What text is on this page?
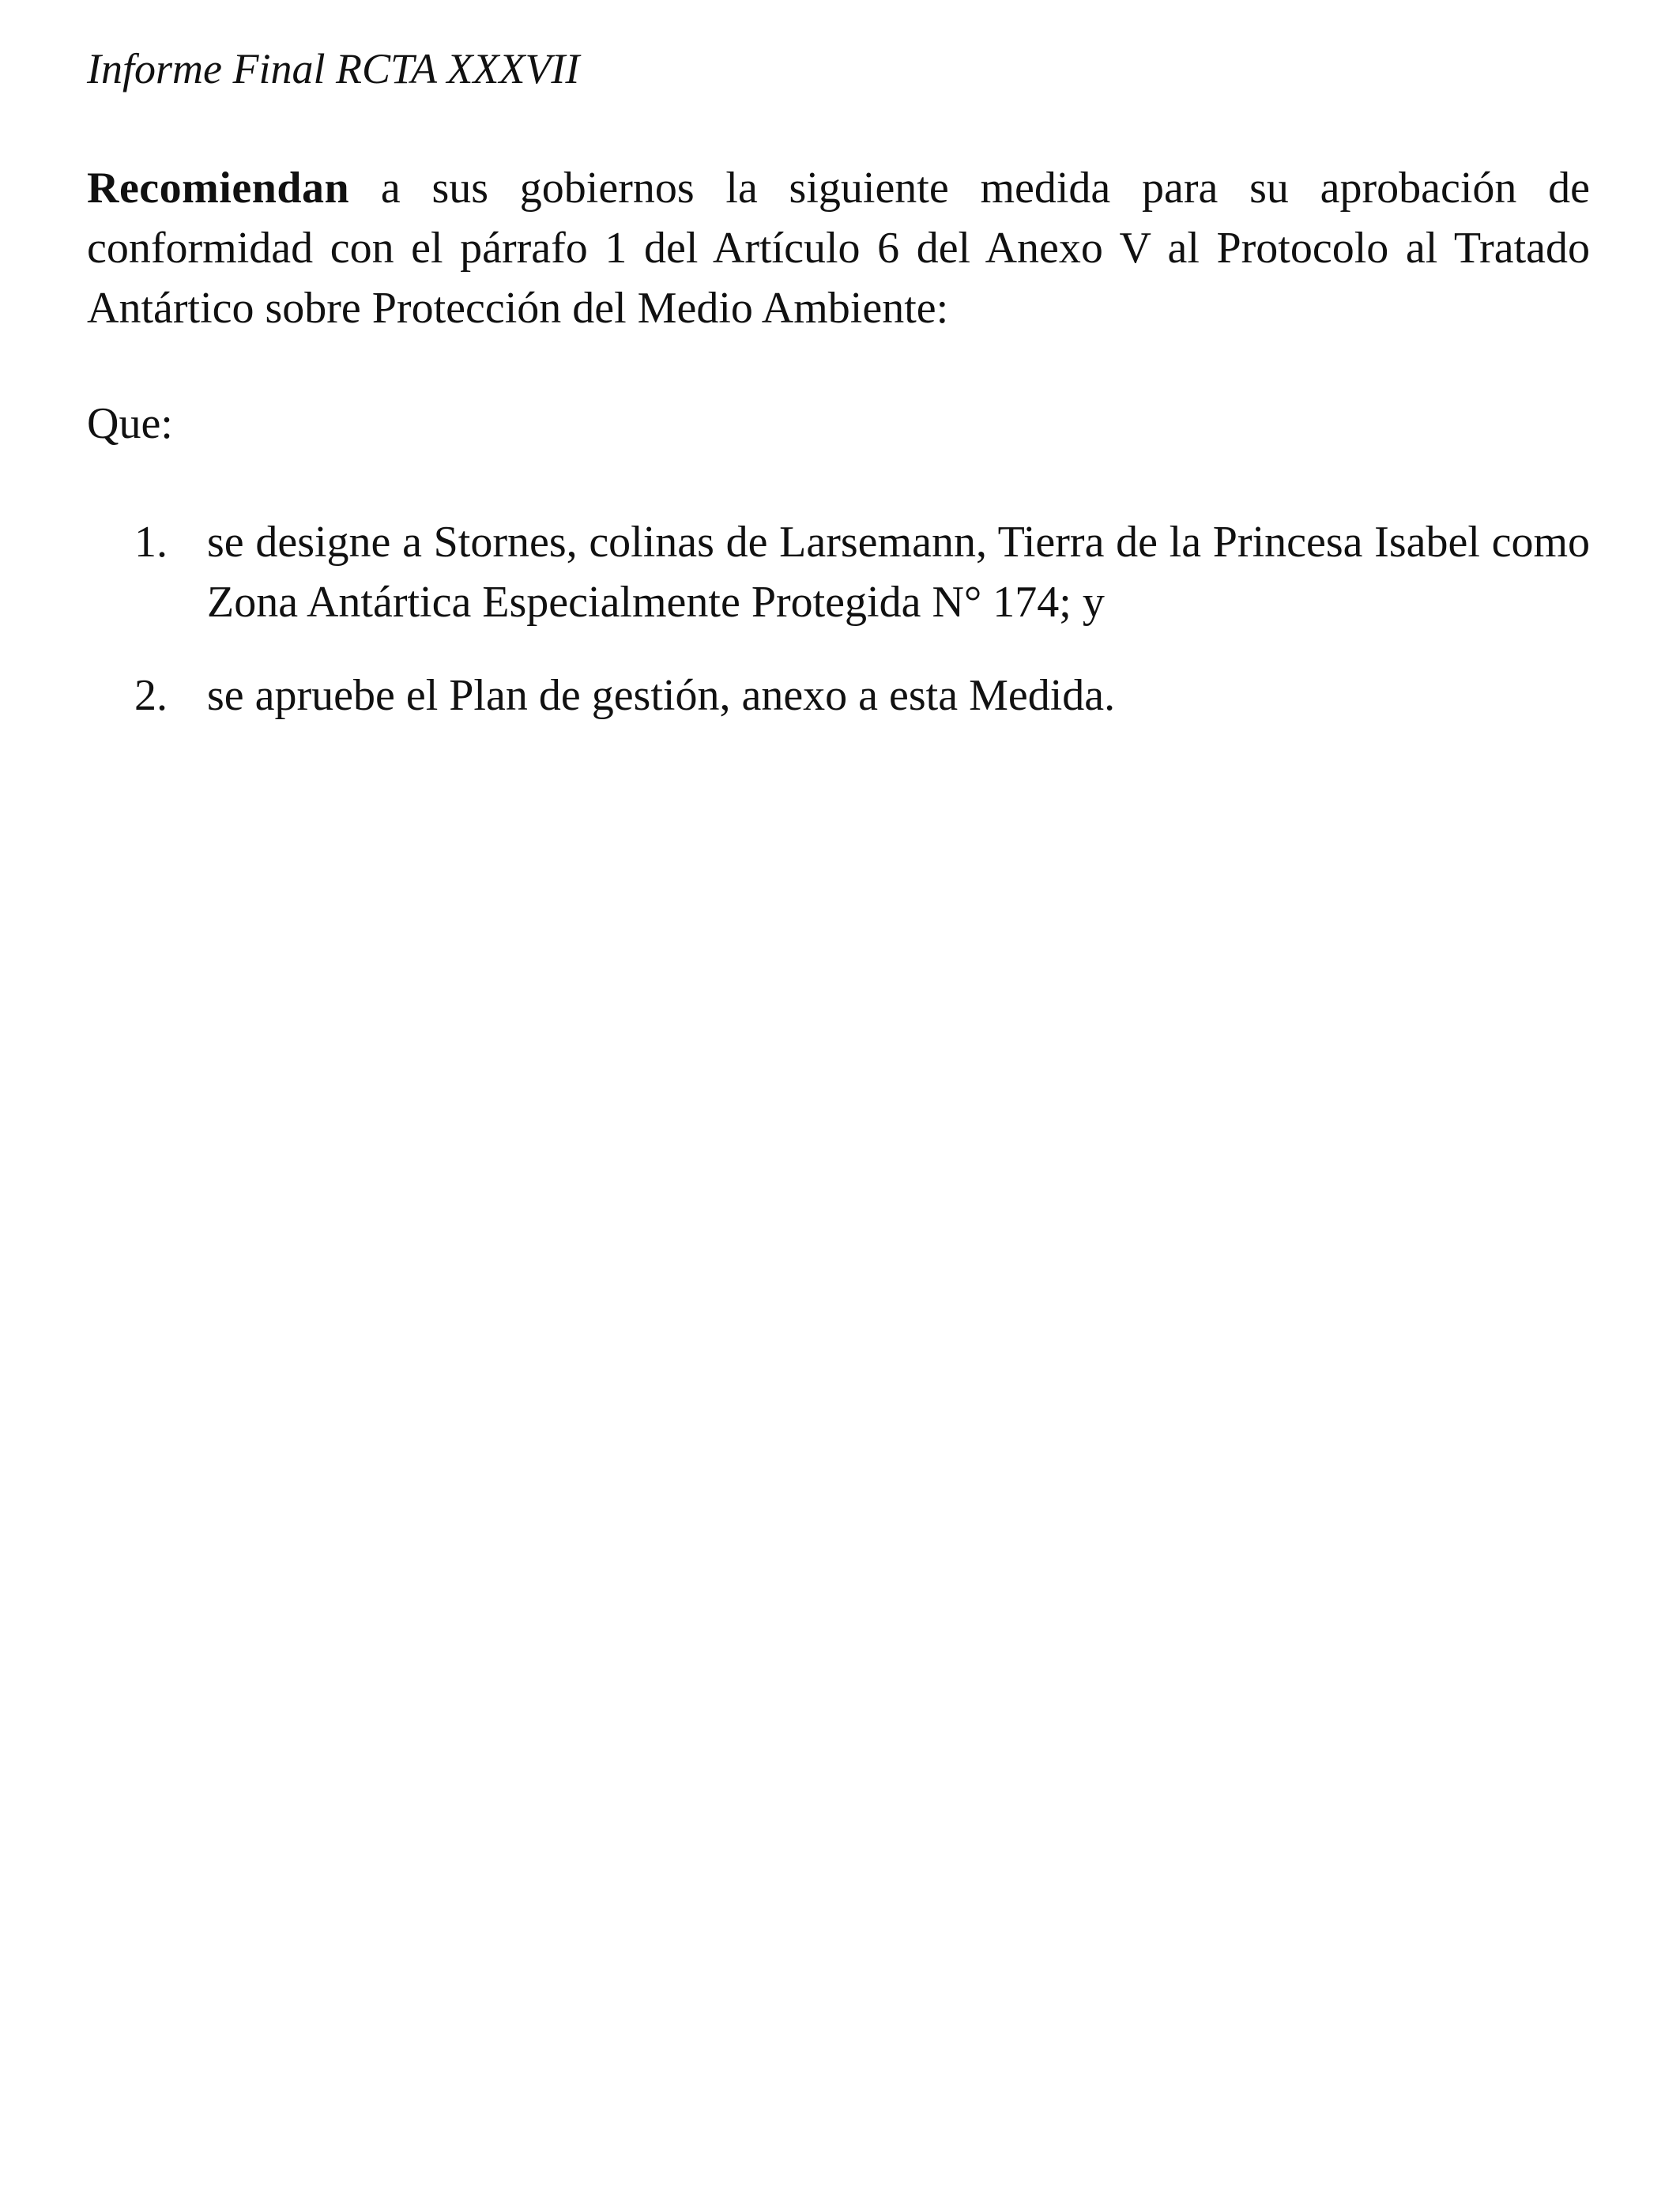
Informe Final RCTA XXXVII

Recomiendan a sus gobiernos la siguiente medida para su aprobación de conformidad con el párrafo 1 del Artículo 6 del Anexo V al Protocolo al Tratado Antártico sobre Protección del Medio Ambiente:

Que:

1. se designe a Stornes, colinas de Larsemann, Tierra de la Princesa Isabel como Zona Antártica Especialmente Protegida N° 174; y
2. se apruebe el Plan de gestión, anexo a esta Medida.
